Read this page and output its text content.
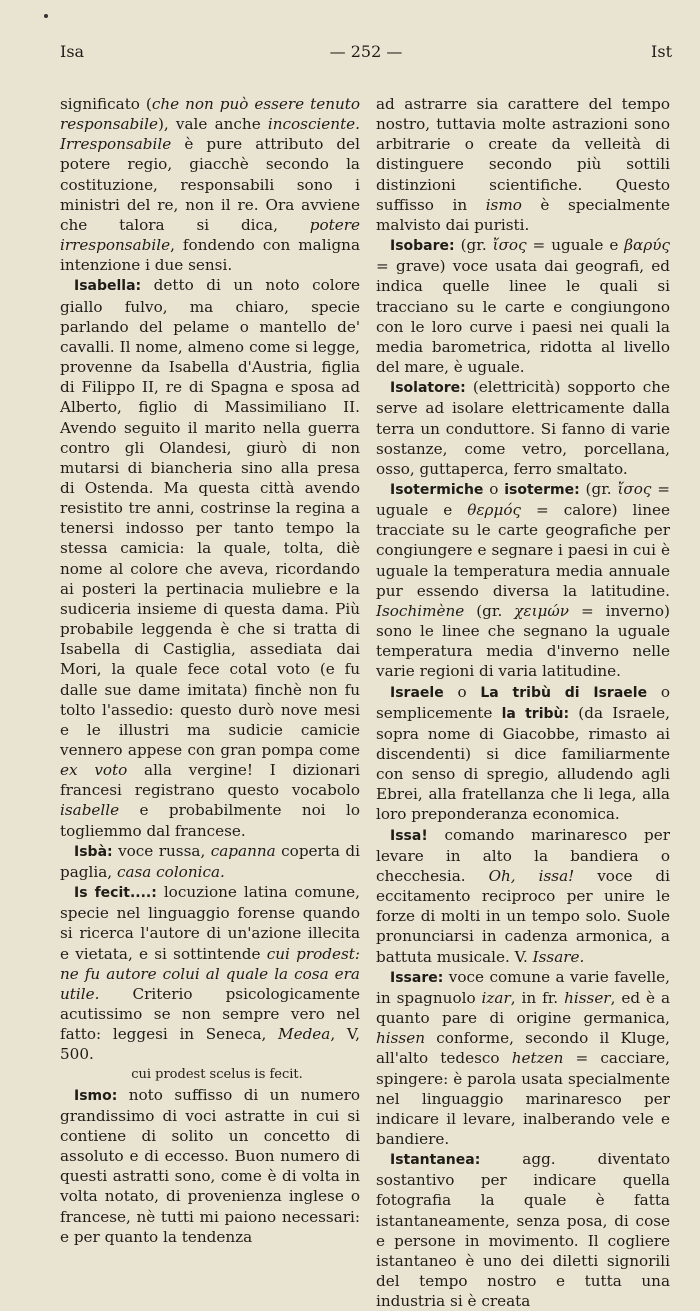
Isa	— 252 —	Ist

significato (che non può essere tenuto responsabile), vale anche incosciente. Irresponsabile è pure attributo del potere regio, giacchè secondo la costituzione, responsabili sono i ministri del re, non il re. Ora avviene che talora si dica, potere irresponsabile, fondendo con maligna intenzione i due sensi.

Isabella: detto di un noto colore giallo fulvo, ma chiaro, specie parlando del pelame o mantello de' cavalli. Il nome, almeno come si legge, provenne da Isabella d'Austria, figlia di Filippo II, re di Spagna e sposa ad Alberto, figlio di Massimiliano II. Avendo seguito il marito nella guerra contro gli Olandesi, giurò di non mutarsi di biancheria sino alla presa di Ostenda. Ma questa città avendo resistito tre anni, costrinse la regina a tenersi indosso per tanto tempo la stessa camicia: la quale, tolta, diè nome al colore che aveva, ricordando ai posteri la pertinacia muliebre e la sudiceria insieme di questa dama. Più probabile leggenda è che si tratta di Isabella di Castiglia, assediata dai Mori, la quale fece cotal voto (e fu dalle sue dame imitata) finchè non fu tolto l'assedio: questo durò nove mesi e le illustri ma sudicie camicie vennero appese con gran pompa come ex voto alla vergine! I dizionari francesi registrano questo vocabolo isabelle e probabilmente noi lo togliemmo dal francese.

Isbà: voce russa, capanna coperta di paglia, casa colonica.

Is fecit....: locuzione latina comune, specie nel linguaggio forense quando si ricerca l'autore di un'azione illecita e vietata, e si sottintende cui prodest: ne fu autore colui al quale la cosa era utile. Criterio psicologicamente acutissimo se non sempre vero nel fatto: leggesi in Seneca, Medea, V, 500.

cui prodest scelus is fecit.

Ismo: noto suffisso di un numero grandissimo di voci astratte in cui si contiene di solito un concetto di assoluto e di eccesso. Buon numero di questi astratti sono, come è di volta in volta notato, di provenienza inglese o francese, nè tutti mi paiono necessari: e per quanto la tendenza

ad astrarre sia carattere del tempo nostro, tuttavia molte astrazioni sono arbitrarie o create da velleità di distinguere secondo più sottili distinzioni scientifiche. Questo suffisso in ismo è specialmente malvisto dai puristi.

Isobare: (gr. ἴσος = uguale e βαρύς = grave) voce usata dai geografi, ed indica quelle linee le quali si tracciano su le carte e congiungono con le loro curve i paesi nei quali la media barometrica, ridotta al livello del mare, è uguale.

Isolatore: (elettricità) sopporto che serve ad isolare elettricamente dalla terra un conduttore. Si fanno di varie sostanze, come vetro, porcellana, osso, guttaperca, ferro smaltato.

Isotermiche o isoterme: (gr. ἴσος = uguale e θερμός = calore) linee tracciate su le carte geografiche per congiungere e segnare i paesi in cui è uguale la temperatura media annuale pur essendo diversa la latitudine. Isochimène (gr. χειμών = inverno) sono le linee che segnano la uguale temperatura media d'inverno nelle varie regioni di varia latitudine.

Israele o La tribù di Israele o semplicemente la tribù: (da Israele, sopra nome di Giacobbe, rimasto ai discendenti) si dice familiarmente con senso di spregio, alludendo agli Ebrei, alla fratellanza che li lega, alla loro preponderanza economica.

Issa! comando marinaresco per levare in alto la bandiera o checchesia. Oh, issa! voce di eccitamento reciproco per unire le forze di molti in un tempo solo. Suole pronunciarsi in cadenza armonica, a battuta musicale. V. Issare.

Issare: voce comune a varie favelle, in spagnuolo izar, in fr. hisser, ed è a quanto pare di origine germanica, hissen conforme, secondo il Kluge, all'alto tedesco hetzen = cacciare, spingere: è parola usata specialmente nel linguaggio marinaresco per indicare il levare, inalberando vele e bandiere.

Istantanea: agg. diventato sostantivo per indicare quella fotografia la quale è fatta istantaneamente, senza posa, di cose e persone in movimento. Il cogliere istantaneo è uno dei diletti signorili del tempo nostro e tutta una industria si è creata
